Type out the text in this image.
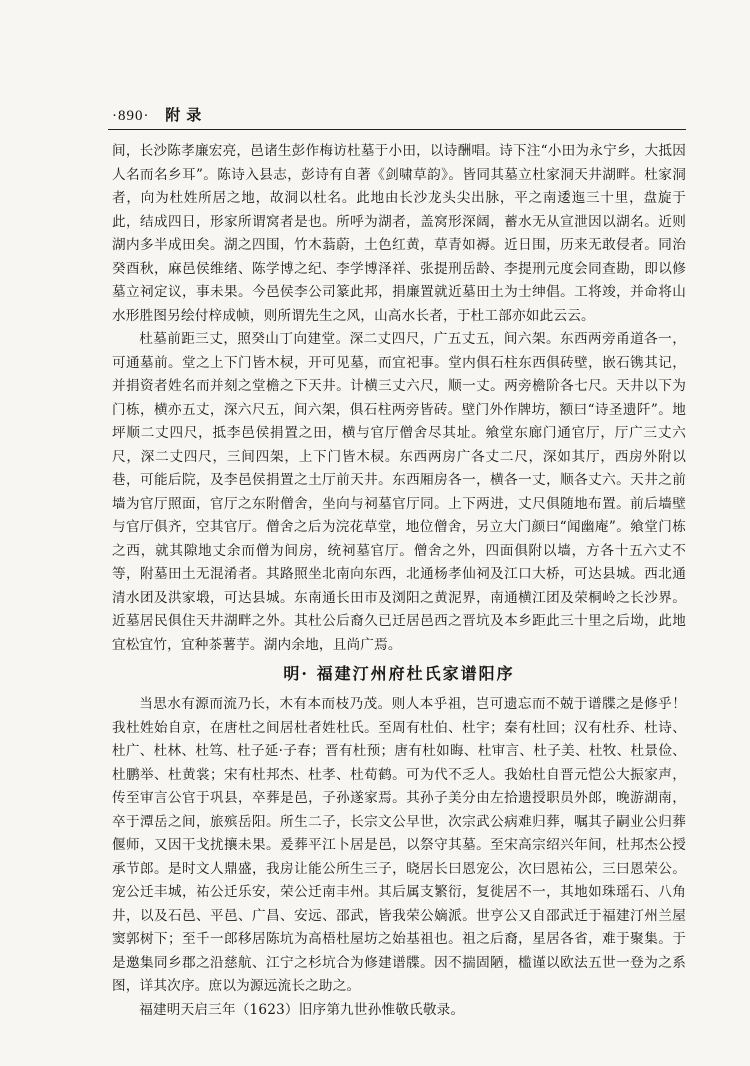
·890· 附录

间，长沙陈孝廉宏亮，邑诸生彭作梅访杜墓于小田，以诗酬唱。诗下注“小田为永宁乡，大抵因人名而名乡耳”。陈诗入县志，彭诗有自著《剑啸草韵》。皆同其墓立杜家洞天井湖畔。杜家洞者，向为杜姓所居之地，故洞以杜名。此地由长沙龙头尖出脉，平之南逶迤三十里，盘旋于此，结成四日，形家所谓窝者是也。所呼为湖者，盖窝形深阔，蓄水无从宣泄因以湖名。近则湖内多半成田矣。湖之四围，竹木蓊蔚，土色红黄，草青如褥。近日围，历来无敢侵者。同治癸酉秋，麻邑侯维绪、陈学博之纪、李学博泽祥、张提刑岳龄、李提刑元度会同查勘，即以修墓立祠定议，事未果。今邑侯李公司篆此邦，捐廉置就近墓田土为士绅倡。工将竣，并命将山水形胜图另绘付梓成帧，则所谓先生之风，山高水长者，于杜工部亦如此云云。

杜墓前距三丈，照癸山丁向建堂。深二丈四尺，广五丈五，间六架。东西两旁甬道各一，可通墓前。堂之上下门皆木棂，开可见墓，而宜祀事。堂内俱石柱东西俱砖壁，嵌石镌其记，并捐资者姓名而并刻之堂檐之下天井。计横三丈六尺，顺一丈。两旁檐阶各七尺。天井以下为门栋，横亦五丈，深六尺五，间六架，俱石柱两旁皆砖。壁门外作牌坊，额曰“诗圣遗阡”。地坪顺二丈四尺，抵李邑侯捐置之田，横与官厅僧舍尽其址。飨堂东廊门通官厅，厅广三丈六尺，深二丈四尺，三间四架，上下门皆木棂。东西两房广各丈二尺，深如其厅，西房外附以巷，可能后院，及李邑侯捐置之土厅前天井。东西厢房各一，横各一丈，顺各丈六。天井之前墙为官厅照面，官厅之东附僧舍，坐向与祠墓官厅同。上下两进，丈尺俱随地布置。前后墙壁与官厅俱齐，空其官厅。僧舍之后为浣花草堂，地位僧舍，另立大门颜曰“闻幽庵”。飨堂门栋之西，就其隙地丈余而僧为间房，统祠墓官厅。僧舍之外，四面俱附以墙，方各十五六丈不等，附墓田土无混淆者。其路照坐北南向东西，北通杨孝仙祠及江口大桥，可达县城。西北通清水团及洪家塅，可达县城。东南通长田市及浏阳之黄泥界，南通横江团及荣桐岭之长沙界。近墓居民俱住天井湖畔之外。其杜公后裔久已迁居邑西之晋坑及本乡距此三十里之后坳，此地宜松宜竹，宜种茶薯芋。湖内余地，且尚广焉。

明· 福建汀州府杜氏家谱阳序

当思水有源而流乃长，木有本而枝乃茂。则人本乎祖，岂可遗忘而不兢于谱牒之是修乎！我杜姓始自京，在唐杜之间居杜者姓杜氏。至周有杜伯、杜宇；秦有杜回；汉有杜乔、杜诗、杜广、杜林、杜笃、杜子延·子春；晋有杜预；唐有杜如晦、杜审言、杜子美、杜牧、杜景俭、杜鹏举、杜黄裳；宋有杜邦杰、杜孝、杜荀鹤。可为代不乏人。我始杜自晋元恺公大振家声，传至审言公官于巩县，卒葬是邑，子孙遂家焉。其孙子美分由左拾遗授职员外郎，晚游湖南，卒于潭岳之间，旅殡岳阳。所生二子，长宗文公早世，次宗武公病难归葬，嘱其子嗣业公归葬偃师，又因干戈扰攘未果。爰葬平江卜居是邑，以祭守其墓。至宋高宗绍兴年间，杜邦杰公授承节郎。是时文人鼎盛，我房让能公所生三子，晓居长曰恩宠公，次曰恩祐公，三曰恩荣公。宠公迁丰城，祐公迁乐安，荣公迁南丰州。其后属支繁衍，复徙居不一，其地如珠瑶石、八角井，以及石邑、平邑、广昌、安远、邵武，皆我荣公嫡派。世亨公又自邵武迁于福建汀州兰屋窦郭树下；至千一郎移居陈坑为高梧杜屋坊之始基祖也。祖之后裔，星居各省，难于聚集。于是邀集同乡郡之沿慈航、江宁之杉坑合为修建谱牒。因不揣固陋，槛谨以欧法五世一登为之系图，详其次序。庶以为源远流长之助之。

福建明天启三年（1623）旧序第九世孙惟敬氏敬录。
